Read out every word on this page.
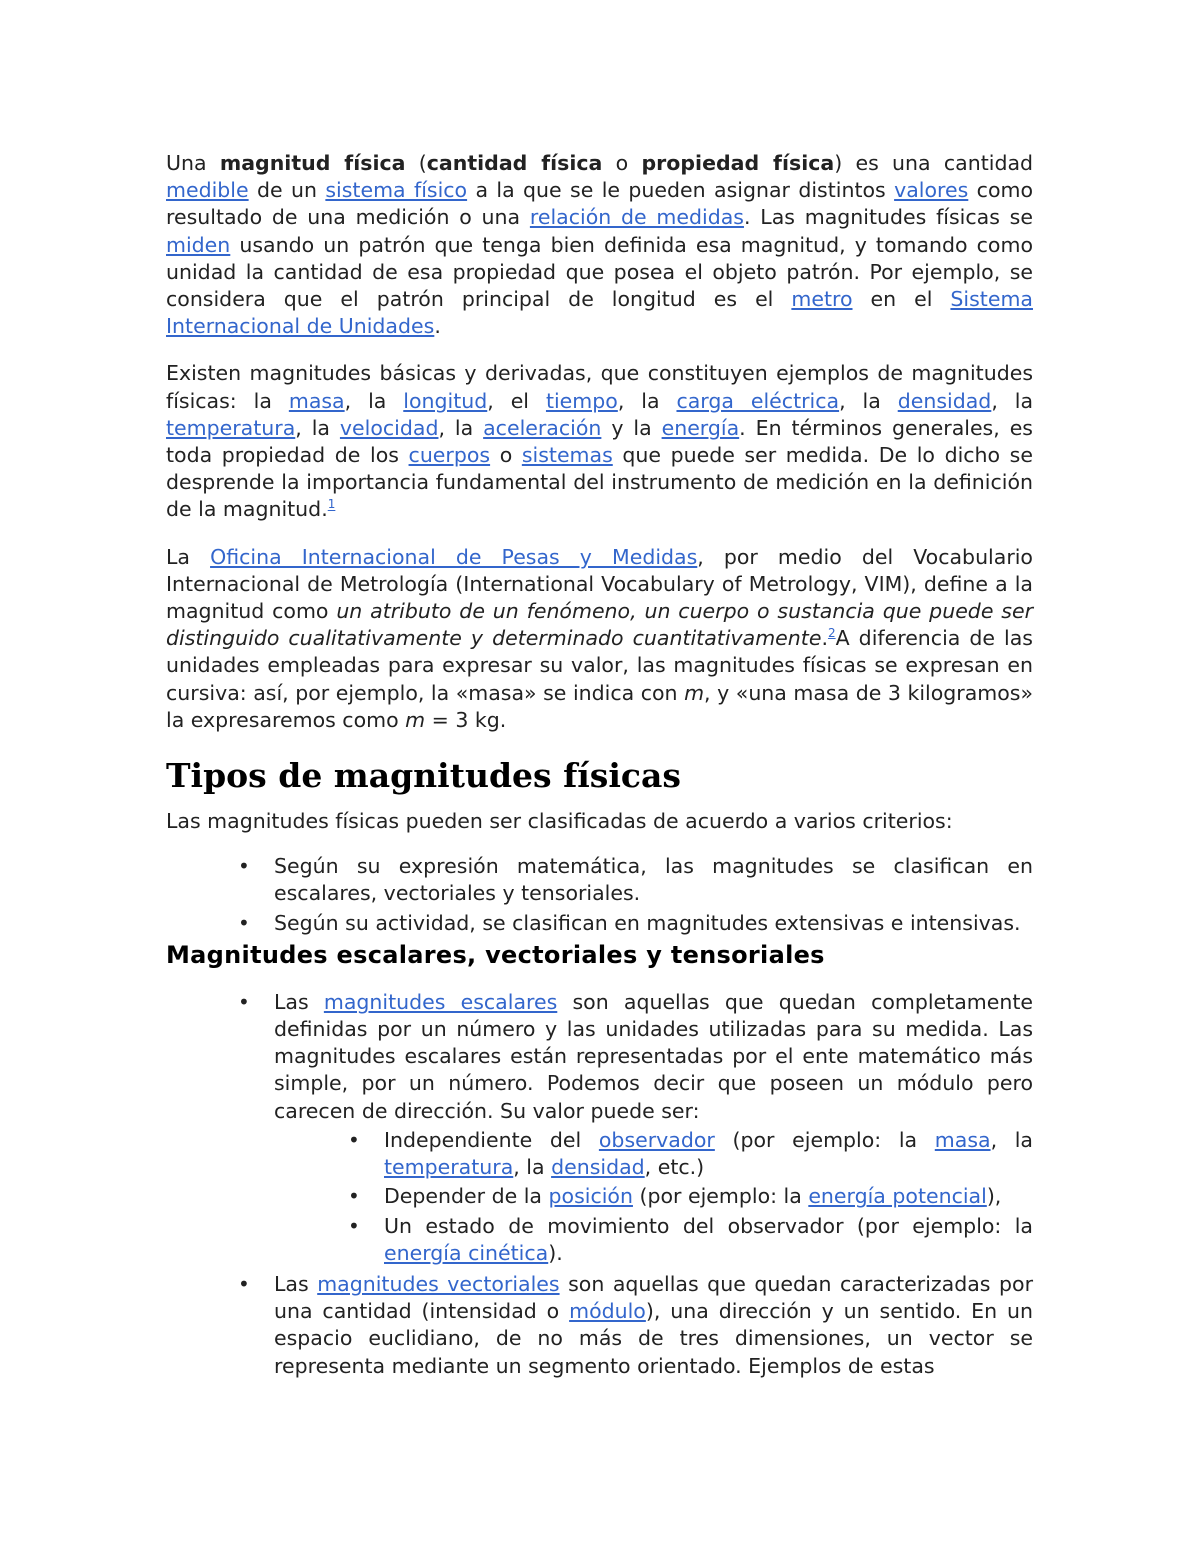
Una magnitud física (cantidad física o propiedad física) es una cantidad medible de un sistema físico a la que se le pueden asignar distintos valores como resultado de una medición o una relación de medidas. Las magnitudes físicas se miden usando un patrón que tenga bien definida esa magnitud, y tomando como unidad la cantidad de esa propiedad que posea el objeto patrón. Por ejemplo, se considera que el patrón principal de longitud es el metro en el Sistema Internacional de Unidades.

Existen magnitudes básicas y derivadas, que constituyen ejemplos de magnitudes físicas: la masa, la longitud, el tiempo, la carga eléctrica, la densidad, la temperatura, la velocidad, la aceleración y la energía. En términos generales, es toda propiedad de los cuerpos o sistemas que puede ser medida. De lo dicho se desprende la importancia fundamental del instrumento de medición en la definición de la magnitud.$^1$

La Oficina Internacional de Pesas y Medidas, por medio del Vocabulario Internacional de Metrología (International Vocabulary of Metrology, VIM), define a la magnitud como un atributo de un fenómeno, un cuerpo o sustancia que puede ser distinguido cualitativamente y determinado cuantitativamente.$^2$A diferencia de las unidades empleadas para expresar su valor, las magnitudes físicas se expresan en cursiva: así, por ejemplo, la «masa» se indica con m, y «una masa de 3 kilogramos» la expresaremos como m = 3 kg.

Tipos de magnitudes físicas

Las magnitudes físicas pueden ser clasificadas de acuerdo a varios criterios:

• Según su expresión matemática, las magnitudes se clasifican en escalares, vectoriales y tensoriales.
• Según su actividad, se clasifican en magnitudes extensivas e intensivas.
Magnitudes escalares, vectoriales y tensoriales
• Las magnitudes escalares son aquellas que quedan completamente definidas por un número y las unidades utilizadas para su medida. Las magnitudes escalares están representadas por el ente matemático más simple, por un número. Podemos decir que poseen un módulo pero carecen de dirección. Su valor puede ser:
• Independiente del observador (por ejemplo: la masa, la temperatura, la densidad, etc.)
• Depender de la posición (por ejemplo: la energía potencial),
• Un estado de movimiento del observador (por ejemplo: la energía cinética).
• Las magnitudes vectoriales son aquellas que quedan caracterizadas por una cantidad (intensidad o módulo), una dirección y un sentido. En un espacio euclidiano, de no más de tres dimensiones, un vector se representa mediante un segmento orientado. Ejemplos de estas
